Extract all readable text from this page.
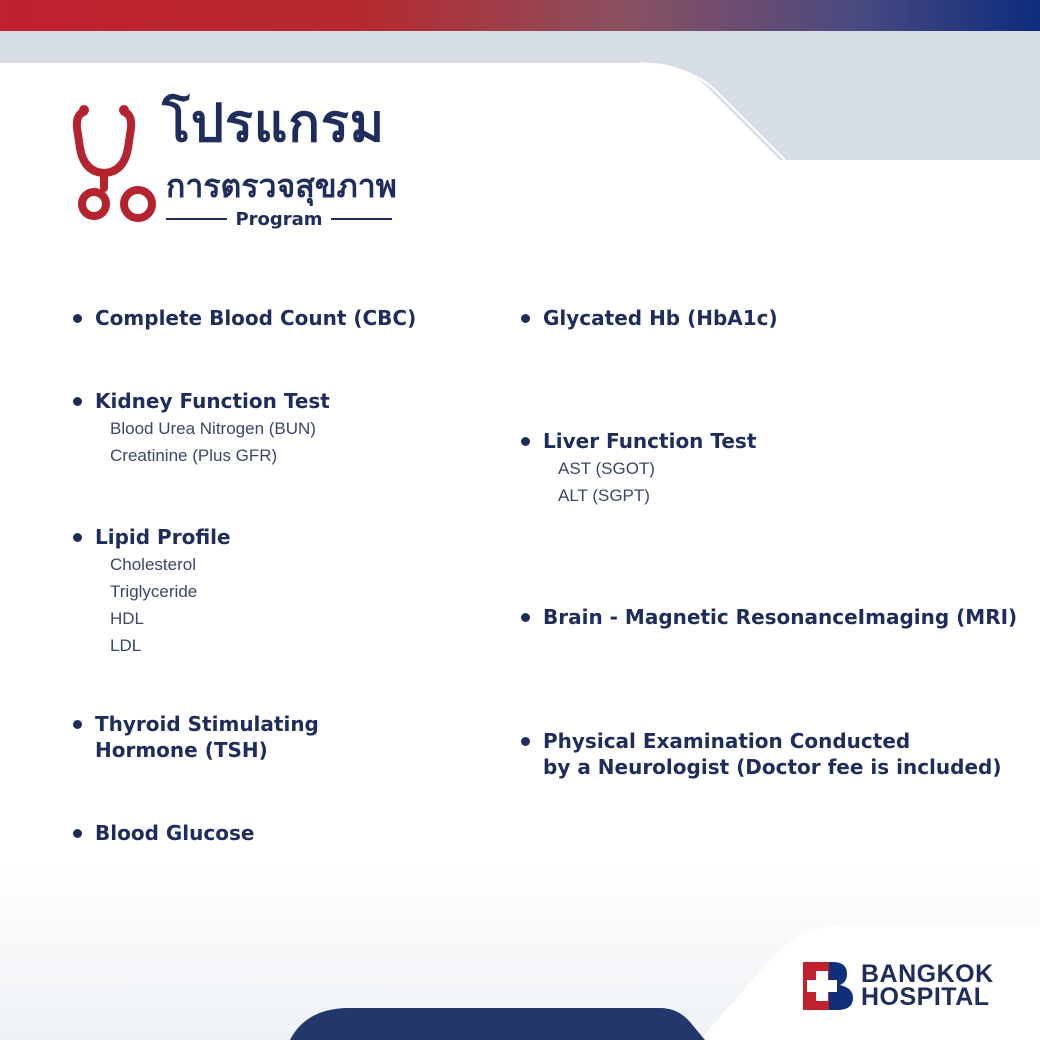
โปรแกรม
การตรวจสุขภาพ
Program
Complete Blood Count (CBC)
Kidney Function Test
Blood Urea Nitrogen (BUN)
Creatinine (Plus GFR)
Lipid Profile
Cholesterol
Triglyceride
HDL
LDL
Thyroid Stimulating
Hormone (TSH)
Blood Glucose
Glycated Hb (HbA1c)
Liver Function Test
AST (SGOT)
ALT (SGPT)
Brain - Magnetic ResonanceImaging (MRI)
Physical Examination Conducted
by a Neurologist (Doctor fee is included)
BANGKOK
HOSPITAL
